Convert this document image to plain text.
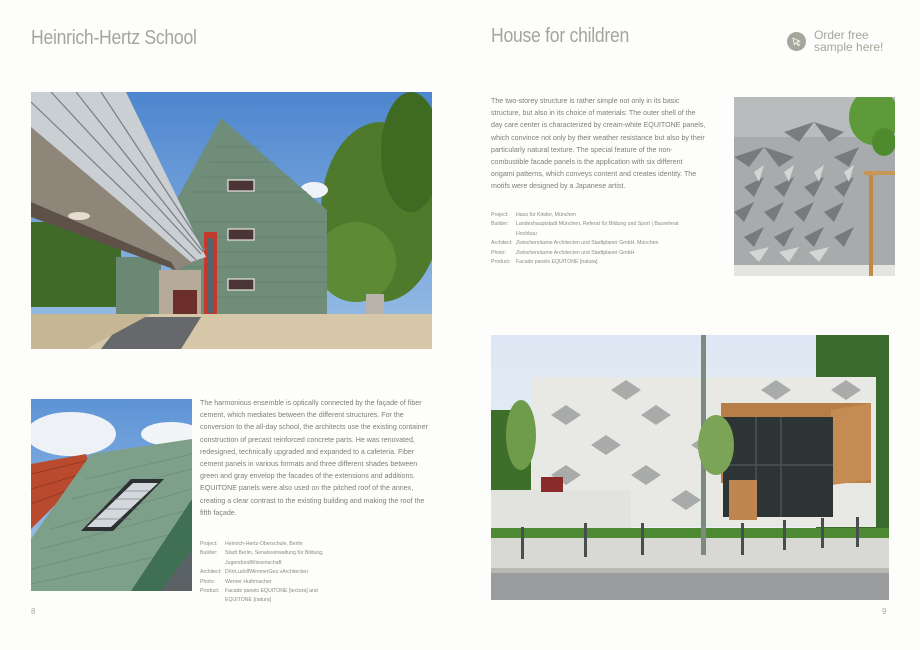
Heinrich-Hertz School
The harmonious ensemble is optically connected by the façade of fiber cement, which mediates between the different structures. For the conversion to the all-day school, the architects use the existing container construction of precast reinforced concrete parts. He was renovated, redesigned, technically upgraded and expanded to a cafeteria. Fiber cement panels in various formats and three different shades between green and gray envelop the facades of the extensions and additions. EQUITONE panels were also used on the pitched roof of the annex, creating a clear contrast to the existing building and making the roof the fifth façade.
Project:	Heinrich-Hertz-Oberschule, Berlin
Builder:	Stadt Berlin, Senatsverwaltung für Bildung, JugendundWissenschaft
Architect: DörrLudolfWimmerGes.vArchitecten
Photo:	Werner Huthmacher
Product:	Facade panels EQUITONE [tectura] and EQUITONE [natura]
8
House for children	Order free
sample here!
The two-storey structure is rather simple not only in its basic structure, but also in its choice of materials: The outer shell of the day care center is characterized by cream-white EQUITONE panels, which convince not only by their weather resistance but also by their particularly natural texture. The special feature of the non-combustible facade panels is the application with six different origami patterns, which conveys content and creates identity. The motifs were designed by a Japanese artist.
Project:	Haus für Kinder, München
Builder:	Landeshauptstadt München, Referat für Bildung und Sport | Baureferat Hochbau
Architect: Zwischenräume Architecten und Stadtplaner GmbH, München
Photo:	Zwischenräume Architecten und Stadtplaner GmbH
Product:	Facade panels EQUITONE [natura]
9
